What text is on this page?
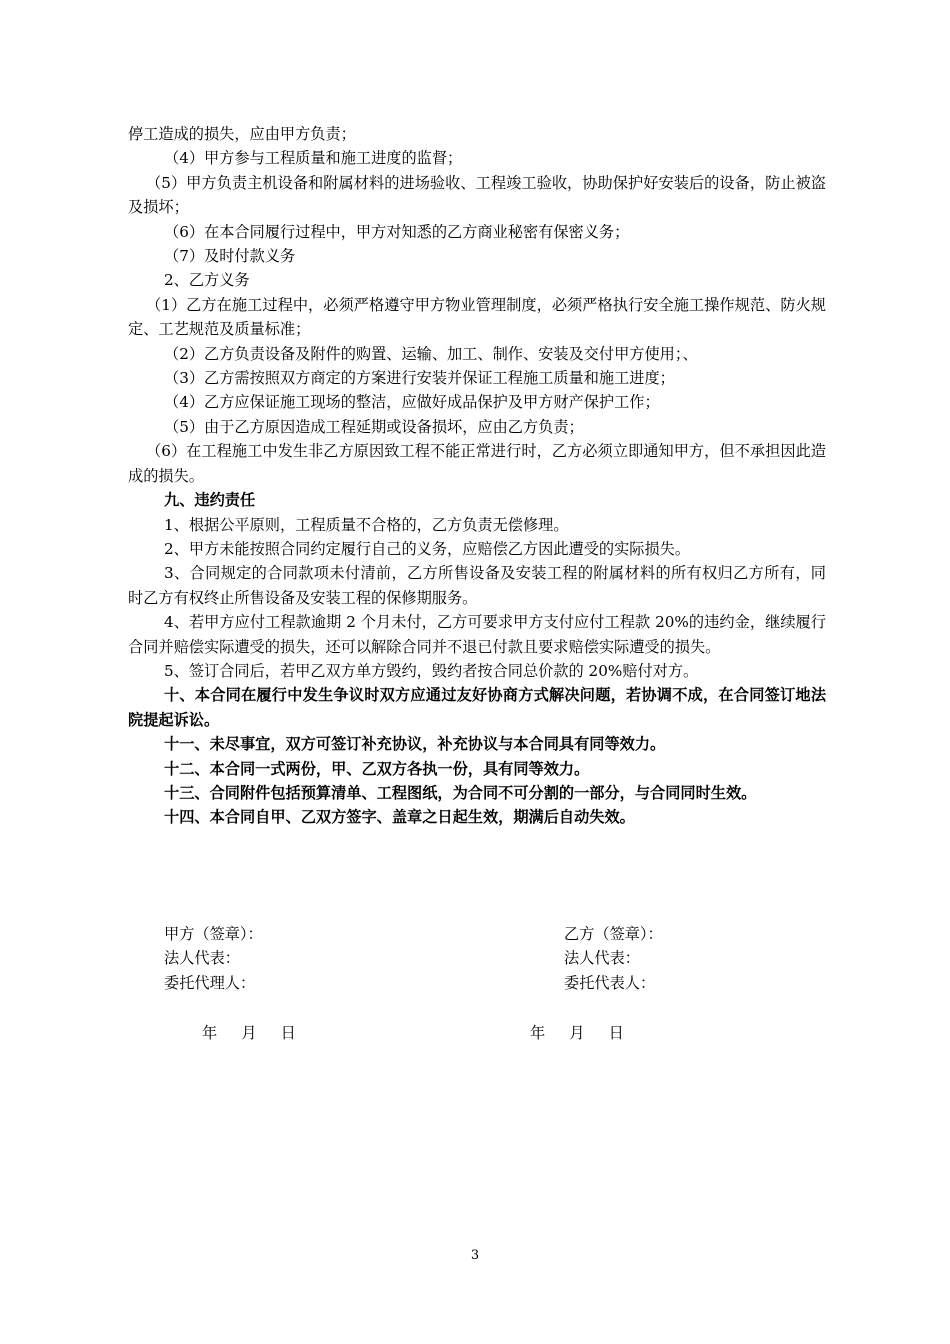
停工造成的损失，应由甲方负责；

（4）甲方参与工程质量和施工进度的监督；

（5）甲方负责主机设备和附属材料的进场验收、工程竣工验收，协助保护好安装后的设备，防止被盗及损坏；

（6）在本合同履行过程中，甲方对知悉的乙方商业秘密有保密义务；

（7）及时付款义务

2、乙方义务

（1）乙方在施工过程中，必须严格遵守甲方物业管理制度，必须严格执行安全施工操作规范、防火规定、工艺规范及质量标准；

（2）乙方负责设备及附件的购置、运输、加工、制作、安装及交付甲方使用；、

（3）乙方需按照双方商定的方案进行安装并保证工程施工质量和施工进度；

（4）乙方应保证施工现场的整洁，应做好成品保护及甲方财产保护工作；

（5）由于乙方原因造成工程延期或设备损坏，应由乙方负责；

（6）在工程施工中发生非乙方原因致工程不能正常进行时，乙方必须立即通知甲方，但不承担因此造成的损失。

九、违约责任

1、根据公平原则，工程质量不合格的，乙方负责无偿修理。

2、甲方未能按照合同约定履行自己的义务，应赔偿乙方因此遭受的实际损失。

3、合同规定的合同款项未付清前，乙方所售设备及安装工程的附属材料的所有权归乙方所有，同时乙方有权终止所售设备及安装工程的保修期服务。

4、若甲方应付工程款逾期 2 个月未付，乙方可要求甲方支付应付工程款 20%的违约金，继续履行合同并赔偿实际遭受的损失，还可以解除合同并不退已付款且要求赔偿实际遭受的损失。

5、签订合同后，若甲乙双方单方毁约，毁约者按合同总价款的 20%赔付对方。

十、本合同在履行中发生争议时双方应通过友好协商方式解决问题，若协调不成，在合同签订地法院提起诉讼。

十一、未尽事宜，双方可签订补充协议，补充协议与本合同具有同等效力。

十二、本合同一式两份，甲、乙双方各执一份，具有同等效力。

十三、合同附件包括预算清单、工程图纸，为合同不可分割的一部分，与合同同时生效。

十四、本合同自甲、乙双方签字、盖章之日起生效，期满后自动失效。

甲方（签章）：
法人代表：
委托代理人：
乙方（签章）：
法人代表：
委托代表人：
年     月     日	年     月     日
3
